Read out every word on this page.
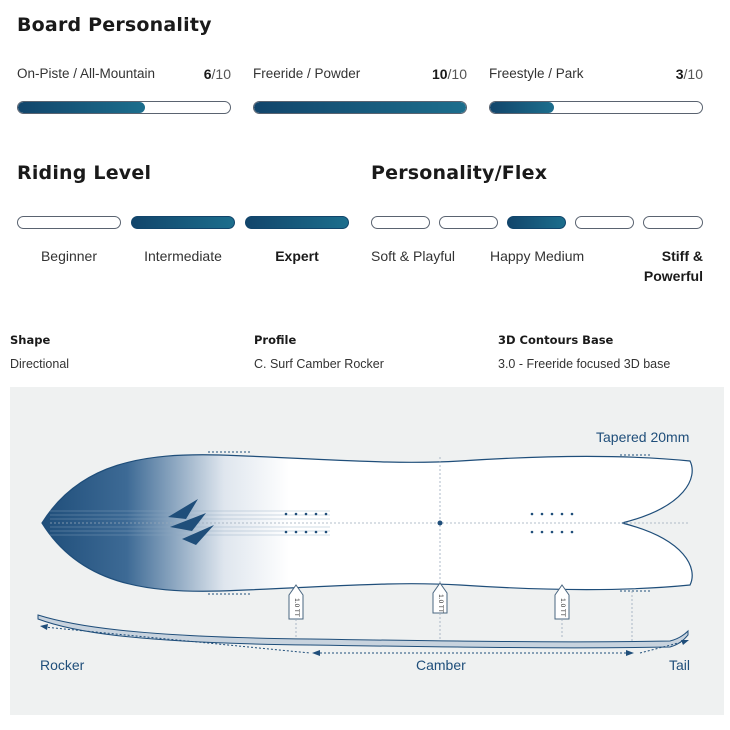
Board Personality
On-Piste / All-Mountain	6/10 Freeride / Powder	10/10 Freestyle / Park	3/10
Riding Level
Beginner	Intermediate	Expert
Personality/Flex
Soft & Playful Happy Medium	Stiff &
Powerful
Shape
Directional
Profile
C. Surf Camber Rocker
3D Contours Base
3.0 - Freeride focused 3D base
Tapered 20mm
1.0 TT	1.0 TT	1.0 TT
Rocker	Camber	Tail
